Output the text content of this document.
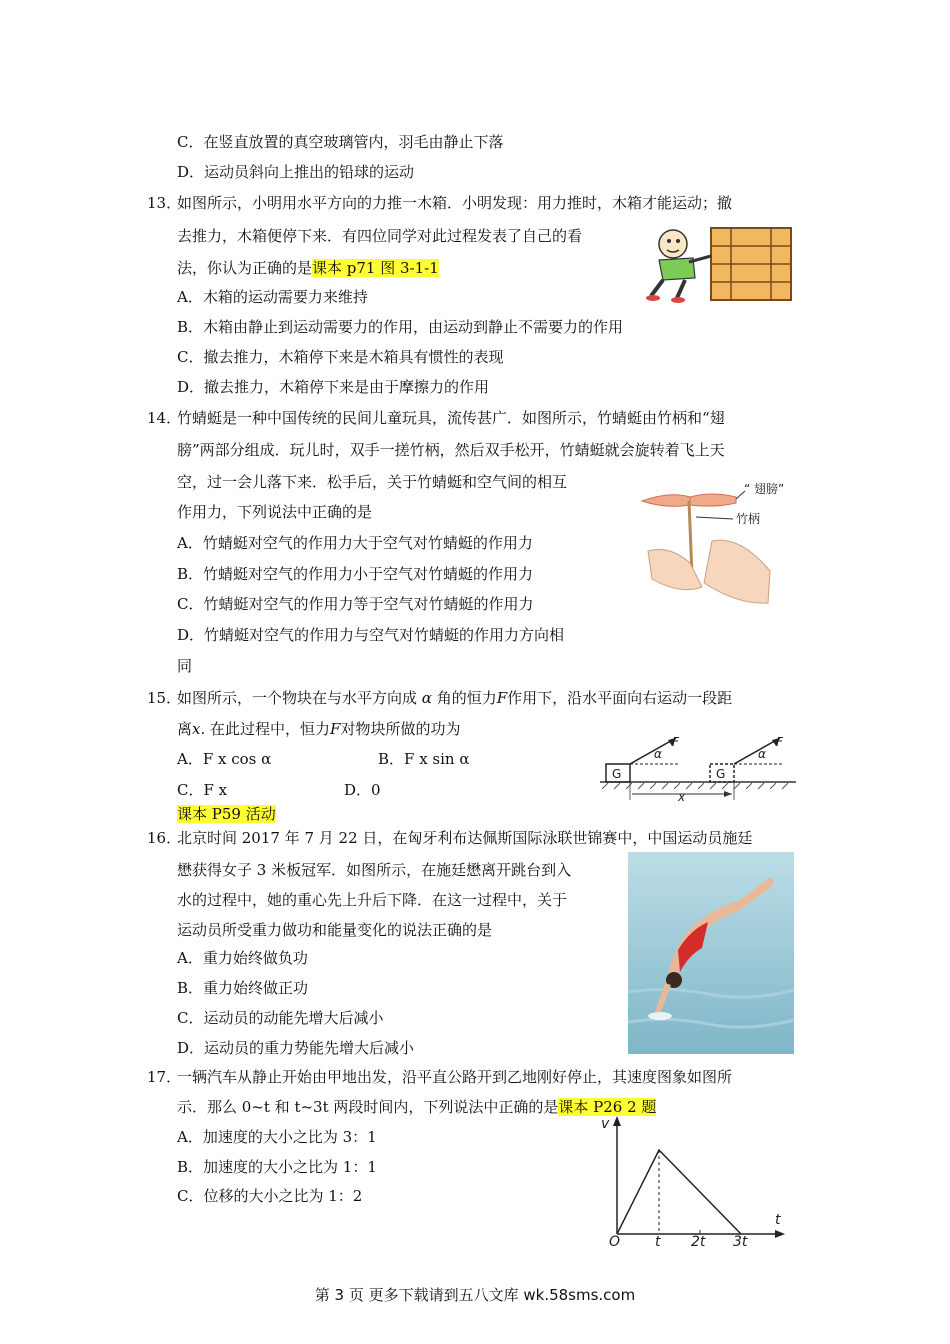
C．在竖直放置的真空玻璃管内，羽毛由静止下落
D．运动员斜向上推出的铅球的运动
13．
如图所示，小明用水平方向的力推一木箱．小明发现：用力推时，木箱才能运动；撤
去推力，木箱便停下来．有四位同学对此过程发表了自己的看
法，你认为正确的是课本 p71 图 3-1-1
A．木箱的运动需要力来维持
B．木箱由静止到运动需要力的作用，由运动到静止不需要力的作用
C．撤去推力，木箱停下来是木箱具有惯性的表现
D．撤去推力，木箱停下来是由于摩擦力的作用
14．
竹蜻蜓是一种中国传统的民间儿童玩具，流传甚广．如图所示，竹蜻蜓由竹柄和“翅
膀”两部分组成．玩儿时，双手一搓竹柄，然后双手松开，竹蜻蜓就会旋转着飞上天
空，过一会儿落下来．松手后，关于竹蜻蜓和空气间的相互
作用力，下列说法中正确的是
A．竹蜻蜓对空气的作用力大于空气对竹蜻蜓的作用力
B．竹蜻蜓对空气的作用力小于空气对竹蜻蜓的作用力
C．竹蜻蜓对空气的作用力等于空气对竹蜻蜓的作用力
D．竹蜻蜓对空气的作用力与空气对竹蜻蜓的作用力方向相
同
“ 翅膀”
竹柄
15．
如图所示，一个物块在与水平方向成 α 角的恒力F作用下，沿水平面向右运动一段距
离x. 在此过程中，恒力F对物块所做的功为
A．F x cos α	B．F x sin α
C．F x	D．0
课本 P59 活动
G
α
F
G
α
F
x
16．
北京时间 2017 年 7 月 22 日，在匈牙利布达佩斯国际泳联世锦赛中，中国运动员施廷
懋获得女子 3 米板冠军．如图所示，在施廷懋离开跳台到入
水的过程中，她的重心先上升后下降．在这一过程中，关于
运动员所受重力做功和能量变化的说法正确的是
A．重力始终做负功
B．重力始终做正功
C．运动员的动能先增大后减小
D．运动员的重力势能先增大后减小
17．
一辆汽车从静止开始由甲地出发，沿平直公路开到乙地刚好停止，其速度图象如图所
示．那么 0~t 和 t~3t 两段时间内，下列说法中正确的是课本 P26 2 题
A．加速度的大小之比为 3：1
B．加速度的大小之比为 1：1
C．位移的大小之比为 1：2
v
t
O t 2t 3t
第 3 页 更多下载请到五八文库 wk.58sms.com
